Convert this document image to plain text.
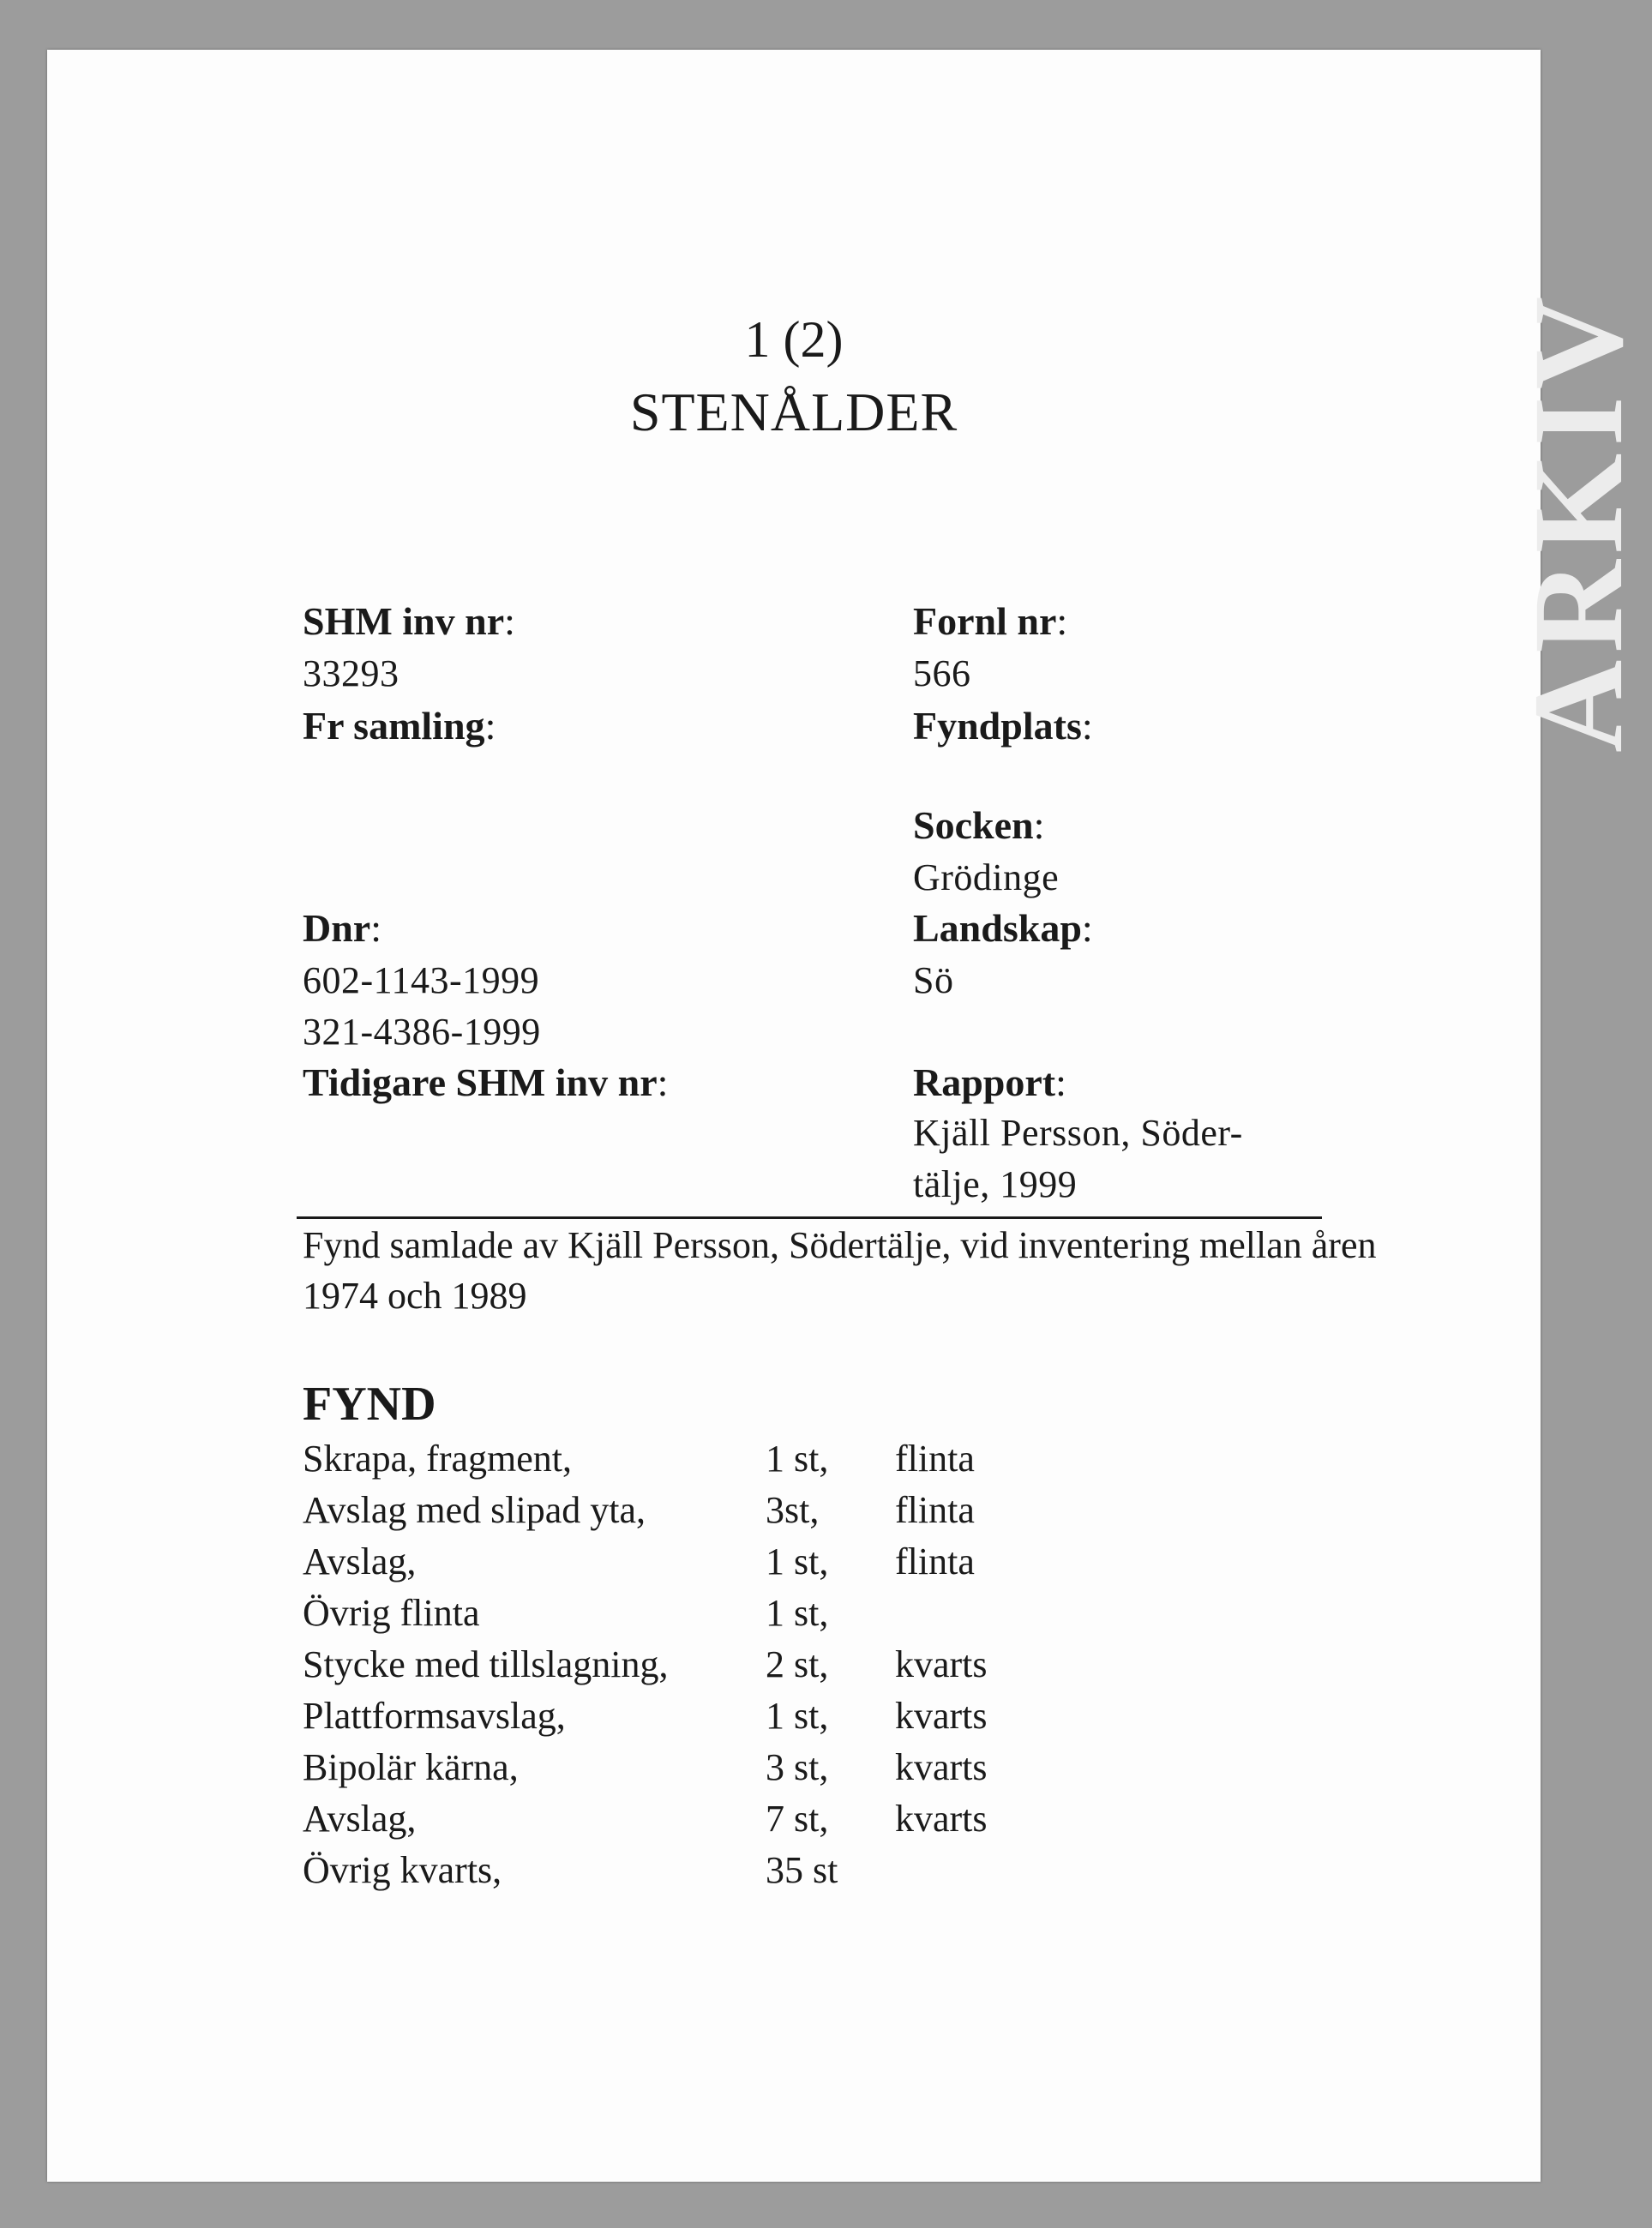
ARKIV
1 (2)
STENÅLDER
SHM inv nr:
33293
Fr samling:
Dnr:
602-1143-1999
321-4386-1999
Tidigare SHM inv nr:
Fornl nr:
566
Fyndplats:
Socken:
Grödinge
Landskap:
Sö
Rapport:
Kjäll Persson, Söder-
tälje, 1999
Fynd samlade av Kjäll Persson, Södertälje, vid inventering mellan åren 1974 och 1989
FYND
Skrapa, fragment,	1 st, flinta
Avslag med slipad yta,	3st, flinta
Avslag,	1 st, flinta
Övrig flinta	1 st,
Stycke med tillslagning,	2 st, kvarts
Plattformsavslag,	1 st, kvarts
Bipolär kärna,	3 st, kvarts
Avslag,	7 st, kvarts
Övrig kvarts,	35 st
